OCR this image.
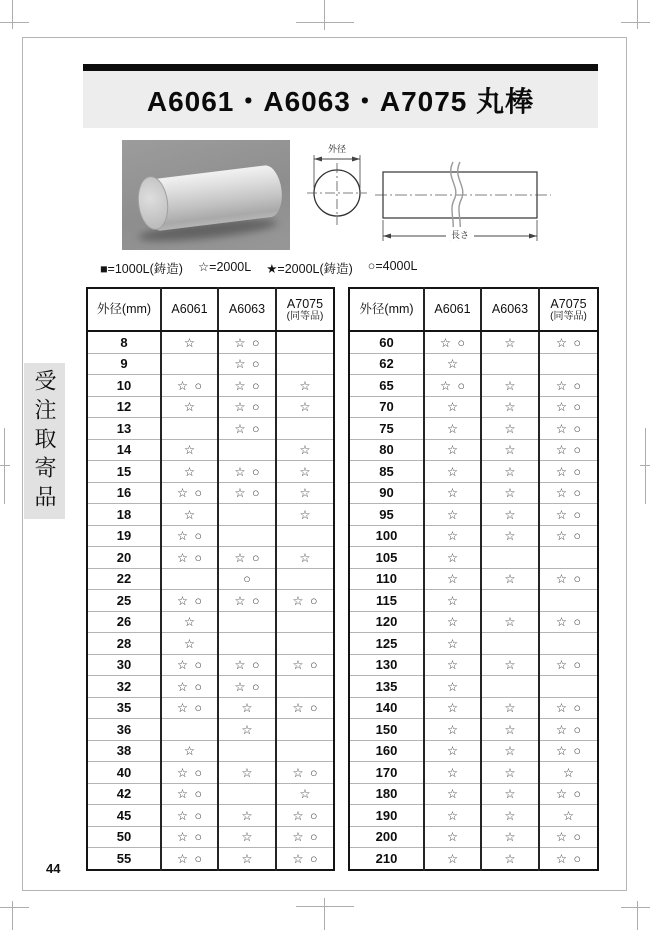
A6061・A6063・A7075 丸棒
外径
長さ
■=1000L(鋳造) ☆=2000L ★=2000L(鋳造) ○=4000L
外径(mm)	A6061	A6063	A7075
(同等品)

8	☆	☆ ○	
9		☆ ○	
10	☆ ○	☆ ○	☆
12	☆	☆ ○	☆
13		☆ ○	
14	☆		☆
15	☆	☆ ○	☆
16	☆ ○	☆ ○	☆
18	☆		☆
19	☆ ○		
20	☆ ○	☆ ○	☆
22		○	
25	☆ ○	☆ ○	☆ ○
26	☆		
28	☆		
30	☆ ○	☆ ○	☆ ○
32	☆ ○	☆ ○	
35	☆ ○	☆	☆ ○
36		☆	
38	☆		
40	☆ ○	☆	☆ ○
42	☆ ○		☆
45	☆ ○	☆	☆ ○
50	☆ ○	☆	☆ ○
55	☆ ○	☆	☆ ○
外径(mm)	A6061	A6063	A7075
(同等品)

60	☆ ○	☆	☆ ○
62	☆		
65	☆ ○	☆	☆ ○
70	☆	☆	☆ ○
75	☆	☆	☆ ○
80	☆	☆	☆ ○
85	☆	☆	☆ ○
90	☆	☆	☆ ○
95	☆	☆	☆ ○
100	☆	☆	☆ ○
105	☆		
110	☆	☆	☆ ○
115	☆		
120	☆	☆	☆ ○
125	☆		
130	☆	☆	☆ ○
135	☆		
140	☆	☆	☆ ○
150	☆	☆	☆ ○
160	☆	☆	☆ ○
170	☆	☆	☆
180	☆	☆	☆ ○
190	☆	☆	☆
200	☆	☆	☆ ○
210	☆	☆	☆ ○
受注取寄品
44
